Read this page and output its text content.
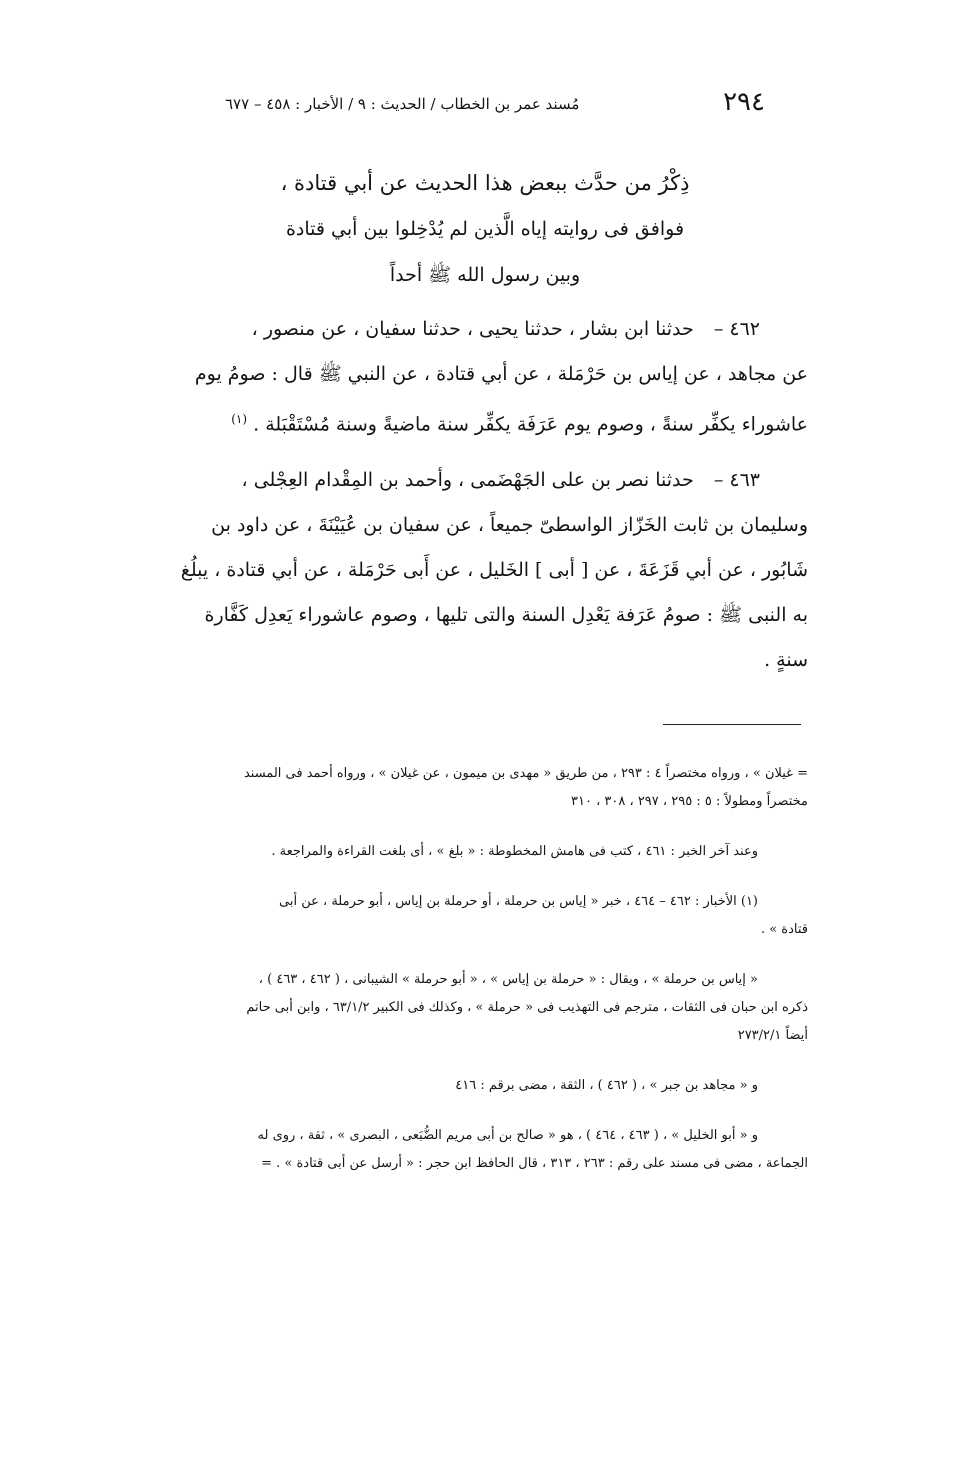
٢٩٤
مُسند عمر بن الخطاب / الحديث : ٩ / الأخبار : ٤٥٨ – ٦٧٧
ذِكْرُ من حدَّث ببعض هذا الحديث عن أبي قتادة ،
فوافق فى روايته إياه الَّذين لم يُدْخِلوا بين أبي قتادة
وبين رسول الله ﷺ أحداً
٤٦٢ – حدثنا ابن بشار ، حدثنا يحيى ، حدثنا سفيان ، عن منصور ،
عن مجاهد ، عن إياس بن حَرْمَلة ، عن أبي قتادة ، عن النبي ﷺ قال : صومُ يوم
عاشوراء يكفِّر سنةً ، وصوم يوم عَرَفَة يكفِّر سنة ماضيةً وسنة مُسْتَقْبَلة . $^{(١)}$
٤٦٣ – حدثنا نصر بن على الجَهْضَمى ، وأحمد بن المِقْدام العِجْلى ،
وسليمان بن ثابت الخَزّاز الواسطىّ جميعاً ، عن سفيان بن عُيَيْنَةَ ، عن داود بن
شَابُور ، عن أبي قَزَعَةَ ، عن [ أبى ] الخَليل ، عن أَبى حَرْمَلة ، عن أبي قتادة ، يبلُغ
به النبى ﷺ : صومُ عَرَفة يَعْدِل السنة والتى تليها ، وصوم عاشوراء يَعدِل كَفَّارة
سنةٍ .
= غيلان » ، ورواه مختصراً ٤ : ٢٩٣ ، من طريق « مهدى بن ميمون ، عن غيلان » ، ورواه أحمد فى المسند
مختصراً ومطولاً : ٥ : ٢٩٥ ، ٢٩٧ ، ٣٠٨ ، ٣١٠
وعند آخر الخبر : ٤٦١ ، كتب فى هامش المخطوطة : « بلغ » ، أى بلغت القراءة والمراجعة .
(١) الأخبار : ٤٦٢ – ٤٦٤ ، خبر « إياس بن حرملة ، أو حرملة بن إياس ، أبو حرملة ، عن أبى
قتادة » .
« إياس بن حرملة » ، ويقال : « حرملة بن إياس » ، « أبو حرملة » الشيبانى ، ( ٤٦٢ ، ٤٦٣ ) ،
ذكره ابن حبان فى الثقات ، مترجم فى التهذيب فى « حرملة » ، وكذلك فى الكبير ٦٣/١/٢ ، وابن أبى حاتم
أيضاً ٢٧٣/٢/١
و « مجاهد بن جبر » ، ( ٤٦٢ ) ، الثقة ، مضى برقم : ٤١٦
و « أبو الخليل » ، ( ٤٦٣ ، ٤٦٤ ) ، هو « صالح بن أبى مريم الضُّبَعى ، البصرى » ، ثقة ، روى له
الجماعة ، مضى فى مسند على رقم : ٢٦٣ ، ٣١٣ ، قال الحافظ ابن حجر : « أرسل عن أبى قتادة » . =
